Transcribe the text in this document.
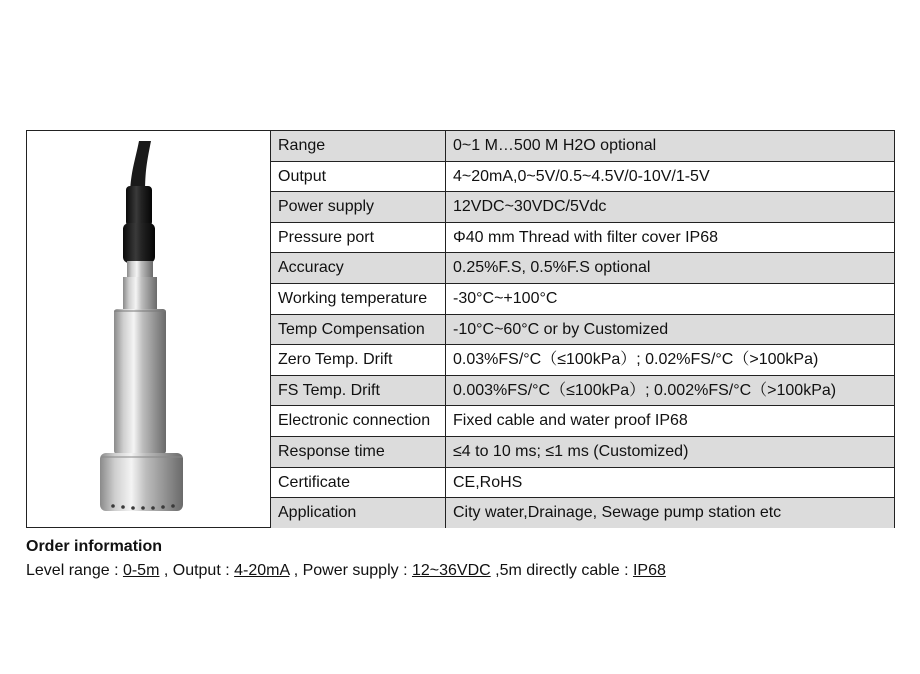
Range	0~1 M…500 M H2O optional
Output	4~20mA,0~5V/0.5~4.5V/0-10V/1-5V
Power supply	12VDC~30VDC/5Vdc
Pressure port	Φ40 mm Thread with filter cover IP68
Accuracy	0.25%F.S, 0.5%F.S optional
Working temperature	-30°C~+100°C
Temp Compensation	-10°C~60°C or by Customized
Zero Temp. Drift	0.03%FS/°C（≤100kPa）; 0.02%FS/°C（>100kPa)
FS Temp. Drift	0.003%FS/°C（≤100kPa）; 0.002%FS/°C（>100kPa)
Electronic connection	Fixed cable and water proof IP68
Response time	≤4 to 10 ms; ≤1 ms (Customized)
Certificate	CE,RoHS
Application	City water,Drainage, Sewage pump station etc
Order information
Level range : 0-5m , Output : 4-20mA , Power supply : 12~36VDC ,5m directly cable : IP68
